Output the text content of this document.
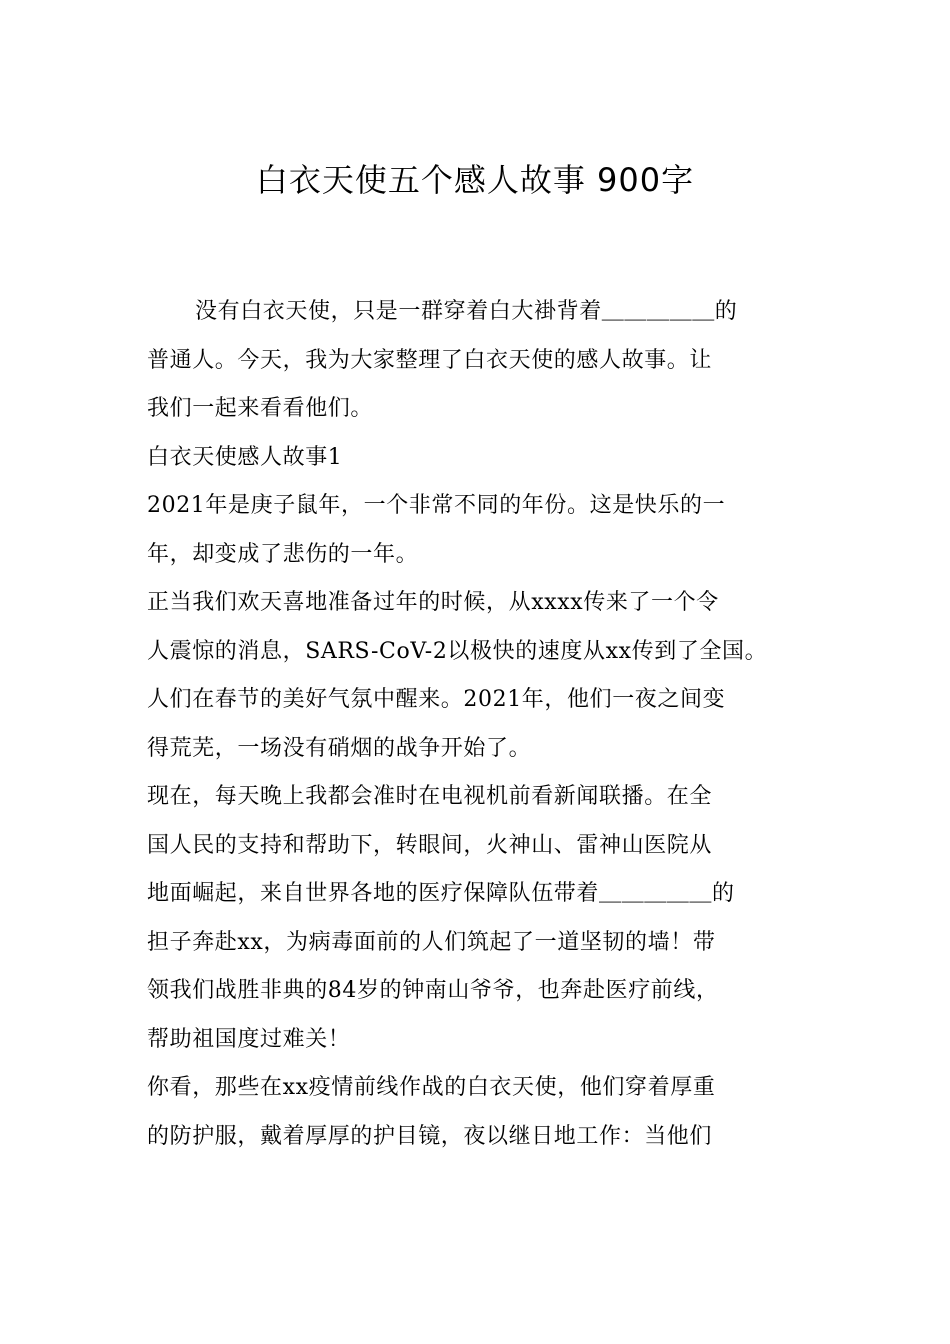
白衣天使五个感人故事 900字
没有白衣天使，只是一群穿着白大褂背着＿＿＿＿＿的
普通人。今天，我为大家整理了白衣天使的感人故事。让
我们一起来看看他们。
白衣天使感人故事1
2021年是庚子鼠年，一个非常不同的年份。这是快乐的一
年，却变成了悲伤的一年。
正当我们欢天喜地准备过年的时候，从xxxx传来了一个令
人震惊的消息，SARS-CoV-2以极快的速度从xx传到了全国。
人们在春节的美好气氛中醒来。2021年，他们一夜之间变
得荒芜，一场没有硝烟的战争开始了。
现在，每天晚上我都会准时在电视机前看新闻联播。在全
国人民的支持和帮助下，转眼间，火神山、雷神山医院从
地面崛起，来自世界各地的医疗保障队伍带着＿＿＿＿＿的
担子奔赴xx，为病毒面前的人们筑起了一道坚韧的墙！带
领我们战胜非典的84岁的钟南山爷爷，也奔赴医疗前线，
帮助祖国度过难关！
你看，那些在xx疫情前线作战的白衣天使，他们穿着厚重
的防护服，戴着厚厚的护目镜，夜以继日地工作：当他们
